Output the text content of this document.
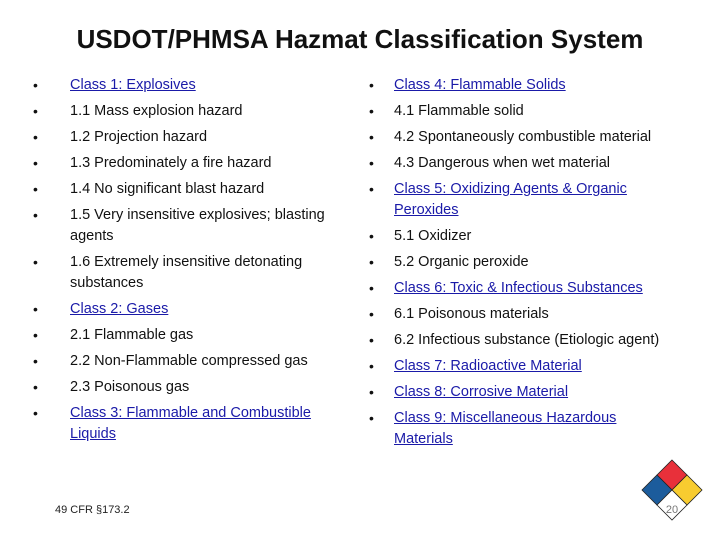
USDOT/PHMSA Hazmat Classification System
• Class 1: Explosives
• 1.1 Mass explosion hazard
• 1.2 Projection hazard
• 1.3 Predominately a fire hazard
• 1.4 No significant blast hazard
• 1.5 Very insensitive explosives; blasting agents
• 1.6 Extremely insensitive detonating substances
• Class 2: Gases
• 2.1 Flammable gas
• 2.2 Non-Flammable compressed gas
• 2.3 Poisonous gas
• Class 3: Flammable and Combustible Liquids
• Class 4: Flammable Solids
• 4.1 Flammable solid
• 4.2 Spontaneously combustible material
• 4.3 Dangerous when wet material
• Class 5: Oxidizing Agents & Organic Peroxides
• 5.1 Oxidizer
• 5.2 Organic peroxide
• Class 6: Toxic & Infectious Substances
• 6.1 Poisonous materials
• 6.2 Infectious substance (Etiologic agent)
• Class 7: Radioactive Material
• Class 8: Corrosive Material
• Class 9: Miscellaneous Hazardous Materials
49 CFR §173.2	20
